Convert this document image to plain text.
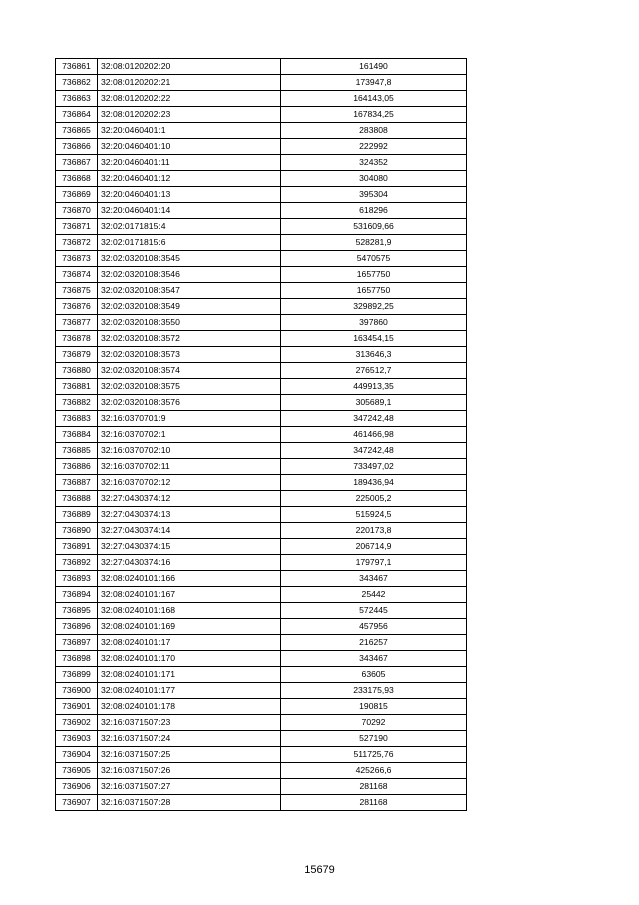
736861	32:08:0120202:20	161490
736862	32:08:0120202:21	173947,8
736863	32:08:0120202:22	164143,05
736864	32:08:0120202:23	167834,25
736865	32:20:0460401:1	283808
736866	32:20:0460401:10	222992
736867	32:20:0460401:11	324352
736868	32:20:0460401:12	304080
736869	32:20:0460401:13	395304
736870	32:20:0460401:14	618296
736871	32:02:0171815:4	531609,66
736872	32:02:0171815:6	528281,9
736873	32:02:0320108:3545	5470575
736874	32:02:0320108:3546	1657750
736875	32:02:0320108:3547	1657750
736876	32:02:0320108:3549	329892,25
736877	32:02:0320108:3550	397860
736878	32:02:0320108:3572	163454,15
736879	32:02:0320108:3573	313646,3
736880	32:02:0320108:3574	276512,7
736881	32:02:0320108:3575	449913,35
736882	32:02:0320108:3576	305689,1
736883	32:16:0370701:9	347242,48
736884	32:16:0370702:1	461466,98
736885	32:16:0370702:10	347242,48
736886	32:16:0370702:11	733497,02
736887	32:16:0370702:12	189436,94
736888	32:27:0430374:12	225005,2
736889	32:27:0430374:13	515924,5
736890	32:27:0430374:14	220173,8
736891	32:27:0430374:15	206714,9
736892	32:27:0430374:16	179797,1
736893	32:08:0240101:166	343467
736894	32:08:0240101:167	25442
736895	32:08:0240101:168	572445
736896	32:08:0240101:169	457956
736897	32:08:0240101:17	216257
736898	32:08:0240101:170	343467
736899	32:08:0240101:171	63605
736900	32:08:0240101:177	233175,93
736901	32:08:0240101:178	190815
736902	32:16:0371507:23	70292
736903	32:16:0371507:24	527190
736904	32:16:0371507:25	511725,76
736905	32:16:0371507:26	425266,6
736906	32:16:0371507:27	281168
736907	32:16:0371507:28	281168
15679
